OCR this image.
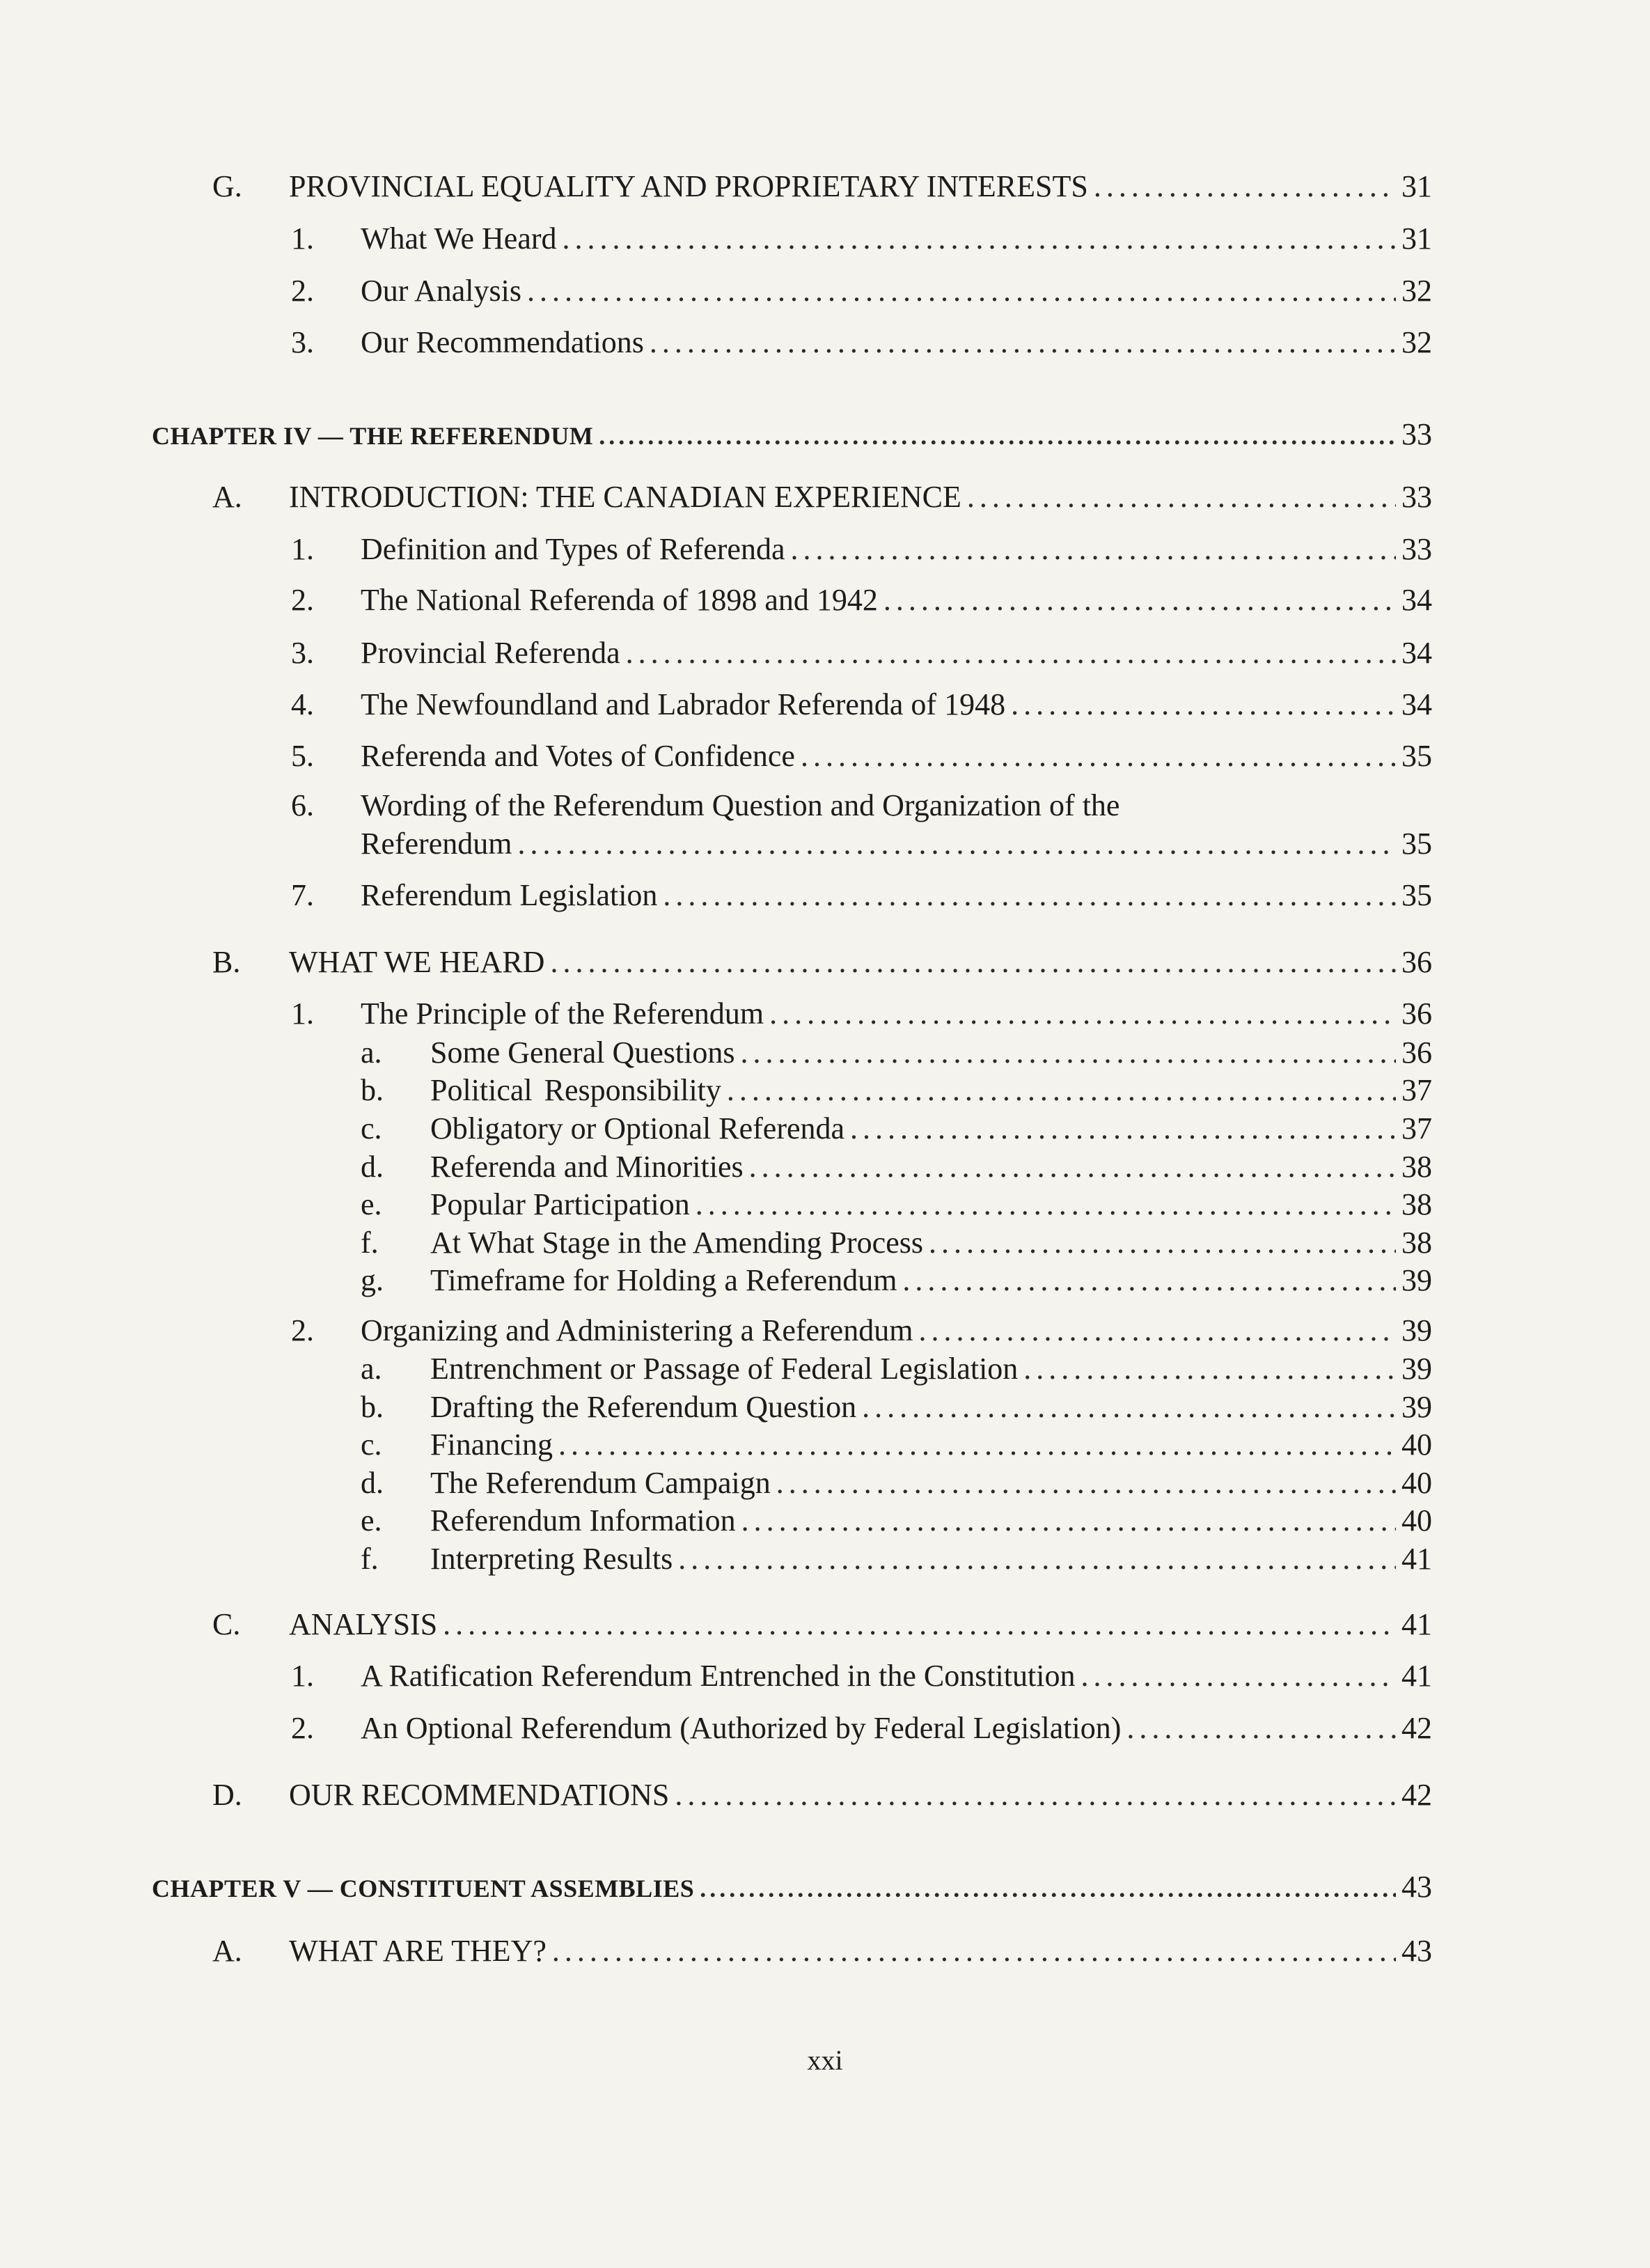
G.	PROVINCIAL EQUALITY AND PROPRIETARY INTERESTS . . .	31
1.	What We Heard . . .	31
2.	Our Analysis . . .	32
3.	Our Recommendations . . .	32
CHAPTER IV — THE REFERENDUM . . .	33
A.	INTRODUCTION: THE CANADIAN EXPERIENCE . . .	33
1.	Definition and Types of Referenda . . .	33
2.	The National Referenda of 1898 and 1942 . . .	34
3.	Provincial Referenda . . .	34
4.	The Newfoundland and Labrador Referenda of 1948 . . .	34
5.	Referenda and Votes of Confidence . . .	35
6.	Wording of the Referendum Question and Organization of the
Referendum . . .	35
7.	Referendum Legislation . . .	35
B.	WHAT WE HEARD . . .	36
1.	The Principle of the Referendum . . .	36
a.	Some General Questions . . .	36
b.	Political Responsibility . . .	37
c.	Obligatory or Optional Referenda . . .	37
d.	Referenda and Minorities . . .	38
e.	Popular Participation . . .	38
f.	At What Stage in the Amending Process . . .	38
g.	Timeframe for Holding a Referendum . . .	39
2.	Organizing and Administering a Referendum . . .	39
a.	Entrenchment or Passage of Federal Legislation . . .	39
b.	Drafting the Referendum Question . . .	39
c.	Financing . . .	40
d.	The Referendum Campaign . . .	40
e.	Referendum Information . . .	40
f.	Interpreting Results . . .	41
C.	ANALYSIS . . .	41
1.	A Ratification Referendum Entrenched in the Constitution . . .	41
2.	An Optional Referendum (Authorized by Federal Legislation) . . .	42
D.	OUR RECOMMENDATIONS . . .	42
CHAPTER V — CONSTITUENT ASSEMBLIES . . .	43
A.	WHAT ARE THEY? . . .	43
xxi
